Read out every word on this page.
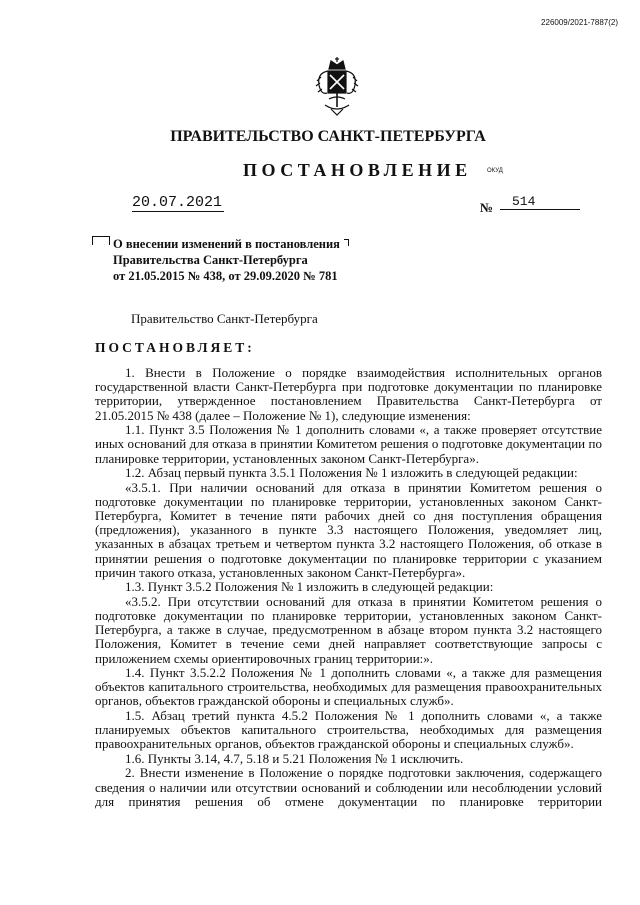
226009/2021-7887(2)
ПРАВИТЕЛЬСТВО САНКТ-ПЕТЕРБУРГА
ПОСТАНОВЛЕНИЕ	ОКУД
20.07.2021	№	514
О внесении изменений в постановления
Правительства Санкт-Петербурга
от 21.05.2015 № 438, от 29.09.2020 № 781
Правительство Санкт-Петербурга
ПОСТАНОВЛЯЕТ:

1. Внести в Положение о порядке взаимодействия исполнительных органов государственной власти Санкт-Петербурга при подготовке документации по планировке территории, утвержденное постановлением Правительства Санкт-Петербурга от 21.05.2015 № 438 (далее – Положение № 1), следующие изменения:

1.1. Пункт 3.5 Положения № 1 дополнить словами «, а также проверяет отсутствие иных оснований для отказа в принятии Комитетом решения о подготовке документации по планировке территории, установленных законом Санкт-Петербурга».

1.2. Абзац первый пункта 3.5.1 Положения № 1 изложить в следующей редакции:

«3.5.1. При наличии оснований для отказа в принятии Комитетом решения о подготовке документации по планировке территории, установленных законом Санкт-Петербурга, Комитет в течение пяти рабочих дней со дня поступления обращения (предложения), указанного в пункте 3.3 настоящего Положения, уведомляет лиц, указанных в абзацах третьем и четвертом пункта 3.2 настоящего Положения, об отказе в принятии решения о подготовке документации по планировке территории с указанием причин такого отказа, установленных законом Санкт-Петербурга».

1.3. Пункт 3.5.2 Положения № 1 изложить в следующей редакции:

«3.5.2. При отсутствии оснований для отказа в принятии Комитетом решения о подготовке документации по планировке территории, установленных законом Санкт-Петербурга, а также в случае, предусмотренном в абзаце втором пункта 3.2 настоящего Положения, Комитет в течение семи дней направляет соответствующие запросы с приложением схемы ориентировочных границ территории:».

1.4. Пункт 3.5.2.2 Положения № 1 дополнить словами «, а также для размещения объектов капитального строительства, необходимых для размещения правоохранительных органов, объектов гражданской обороны и специальных служб».

1.5. Абзац третий пункта 4.5.2 Положения № 1 дополнить словами «, а также планируемых объектов капитального строительства, необходимых для размещения правоохранительных органов, объектов гражданской обороны и специальных служб».

1.6. Пункты 3.14, 4.7, 5.18 и 5.21 Положения № 1 исключить.

2. Внести изменение в Положение о порядке подготовки заключения, содержащего сведения о наличии или отсутствии оснований и соблюдении или несоблюдении условий для принятия решения об отмене документации по планировке территории
